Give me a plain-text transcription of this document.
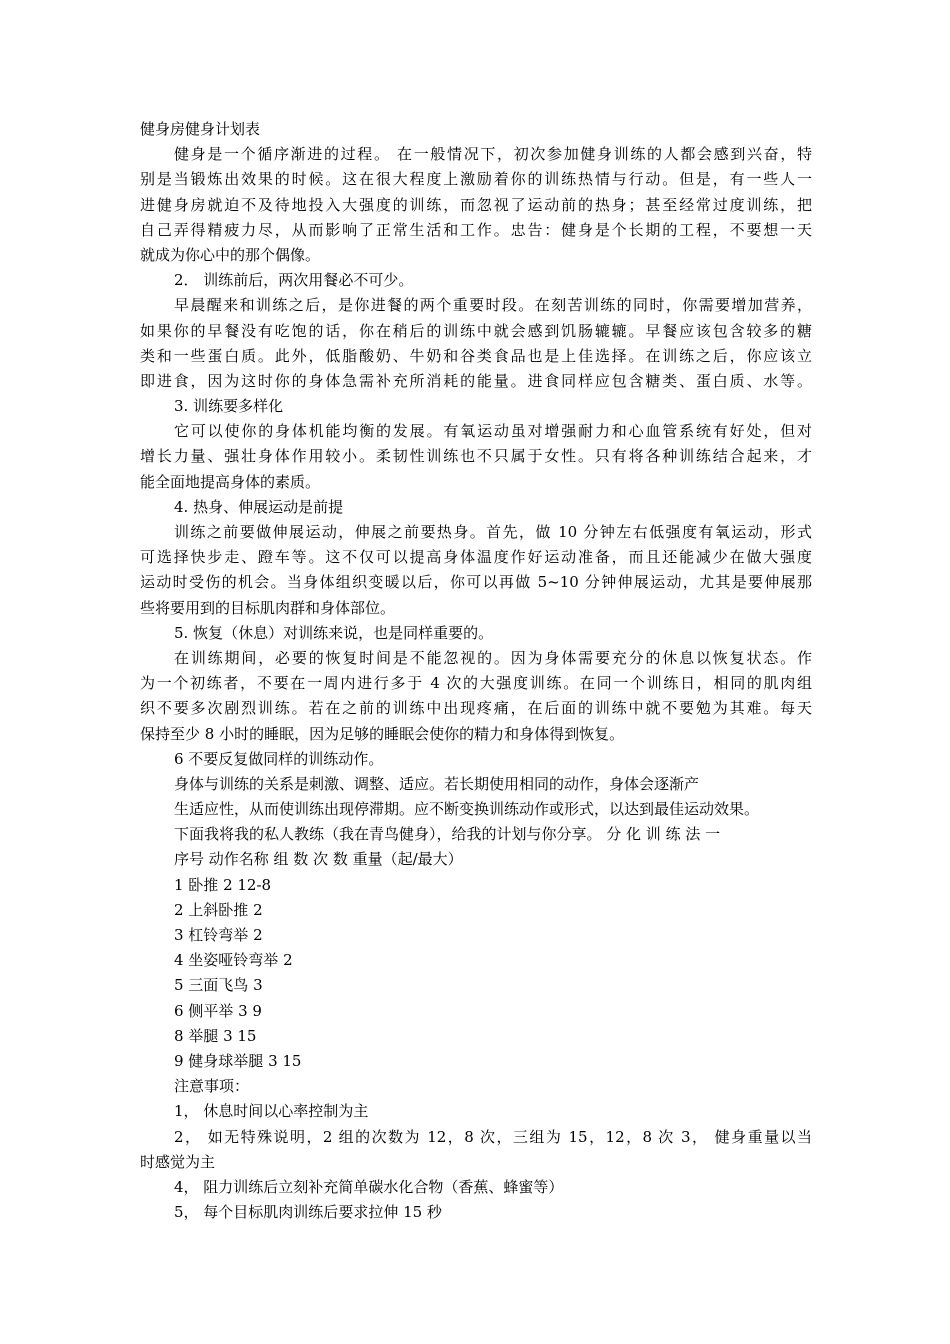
健身房健身计划表
健身是一个循序渐进的过程。 在一般情况下，初次参加健身训练的人都会感到兴奋，特
别是当锻炼出效果的时候。这在很大程度上激励着你的训练热情与行动。但是，有一些人一
进健身房就迫不及待地投入大强度的训练，而忽视了运动前的热身；甚至经常过度训练，把
自己弄得精疲力尽，从而影响了正常生活和工作。忠告：健身是个长期的工程，不要想一天
就成为你心中的那个偶像。
2． 训练前后，两次用餐必不可少。
早晨醒来和训练之后，是你进餐的两个重要时段。在刻苦训练的同时，你需要增加营养，
如果你的早餐没有吃饱的话，你在稍后的训练中就会感到饥肠辘辘。早餐应该包含较多的糖
类和一些蛋白质。此外，低脂酸奶、牛奶和谷类食品也是上佳选择。在训练之后，你应该立
即进食，因为这时你的身体急需补充所消耗的能量。进食同样应包含糖类、蛋白质、水等。
3. 训练要多样化
它可以使你的身体机能均衡的发展。有氧运动虽对增强耐力和心血管系统有好处，但对
增长力量、强壮身体作用较小。柔韧性训练也不只属于女性。只有将各种训练结合起来，才
能全面地提高身体的素质。
4. 热身、伸展运动是前提
训练之前要做伸展运动，伸展之前要热身。首先，做 10 分钟左右低强度有氧运动，形式
可选择快步走、蹬车等。这不仅可以提高身体温度作好运动准备，而且还能减少在做大强度
运动时受伤的机会。当身体组织变暖以后，你可以再做 5~10 分钟伸展运动，尤其是要伸展那
些将要用到的目标肌肉群和身体部位。
5. 恢复（休息）对训练来说，也是同样重要的。
在训练期间，必要的恢复时间是不能忽视的。因为身体需要充分的休息以恢复状态。作
为一个初练者，不要在一周内进行多于 4 次的大强度训练。在同一个训练日，相同的肌肉组
织不要多次剧烈训练。若在之前的训练中出现疼痛，在后面的训练中就不要勉为其难。每天
保持至少 8 小时的睡眠，因为足够的睡眠会使你的精力和身体得到恢复。
6 不要反复做同样的训练动作。
身体与训练的关系是刺激、调整、适应。若长期使用相同的动作，身体会逐渐产
生适应性，从而使训练出现停滞期。应不断变换训练动作或形式，以达到最佳运动效果。
下面我将我的私人教练（我在青鸟健身），给我的计划与你分享。 分 化 训 练 法 一
序号 动作名称 组 数 次 数 重量（起/最大）
1 卧推 2 12-8
2 上斜卧推 2
3 杠铃弯举 2
4 坐姿哑铃弯举 2
5 三面飞鸟 3
6 侧平举 3 9
8 举腿 3 15
9 健身球举腿 3 15
注意事项：
1， 休息时间以心率控制为主
2， 如无特殊说明，2 组的次数为 12，8 次，三组为 15，12，8 次 3， 健身重量以当
时感觉为主
4， 阻力训练后立刻补充简单碳水化合物（香蕉、蜂蜜等）
5， 每个目标肌肉训练后要求拉伸 15 秒
